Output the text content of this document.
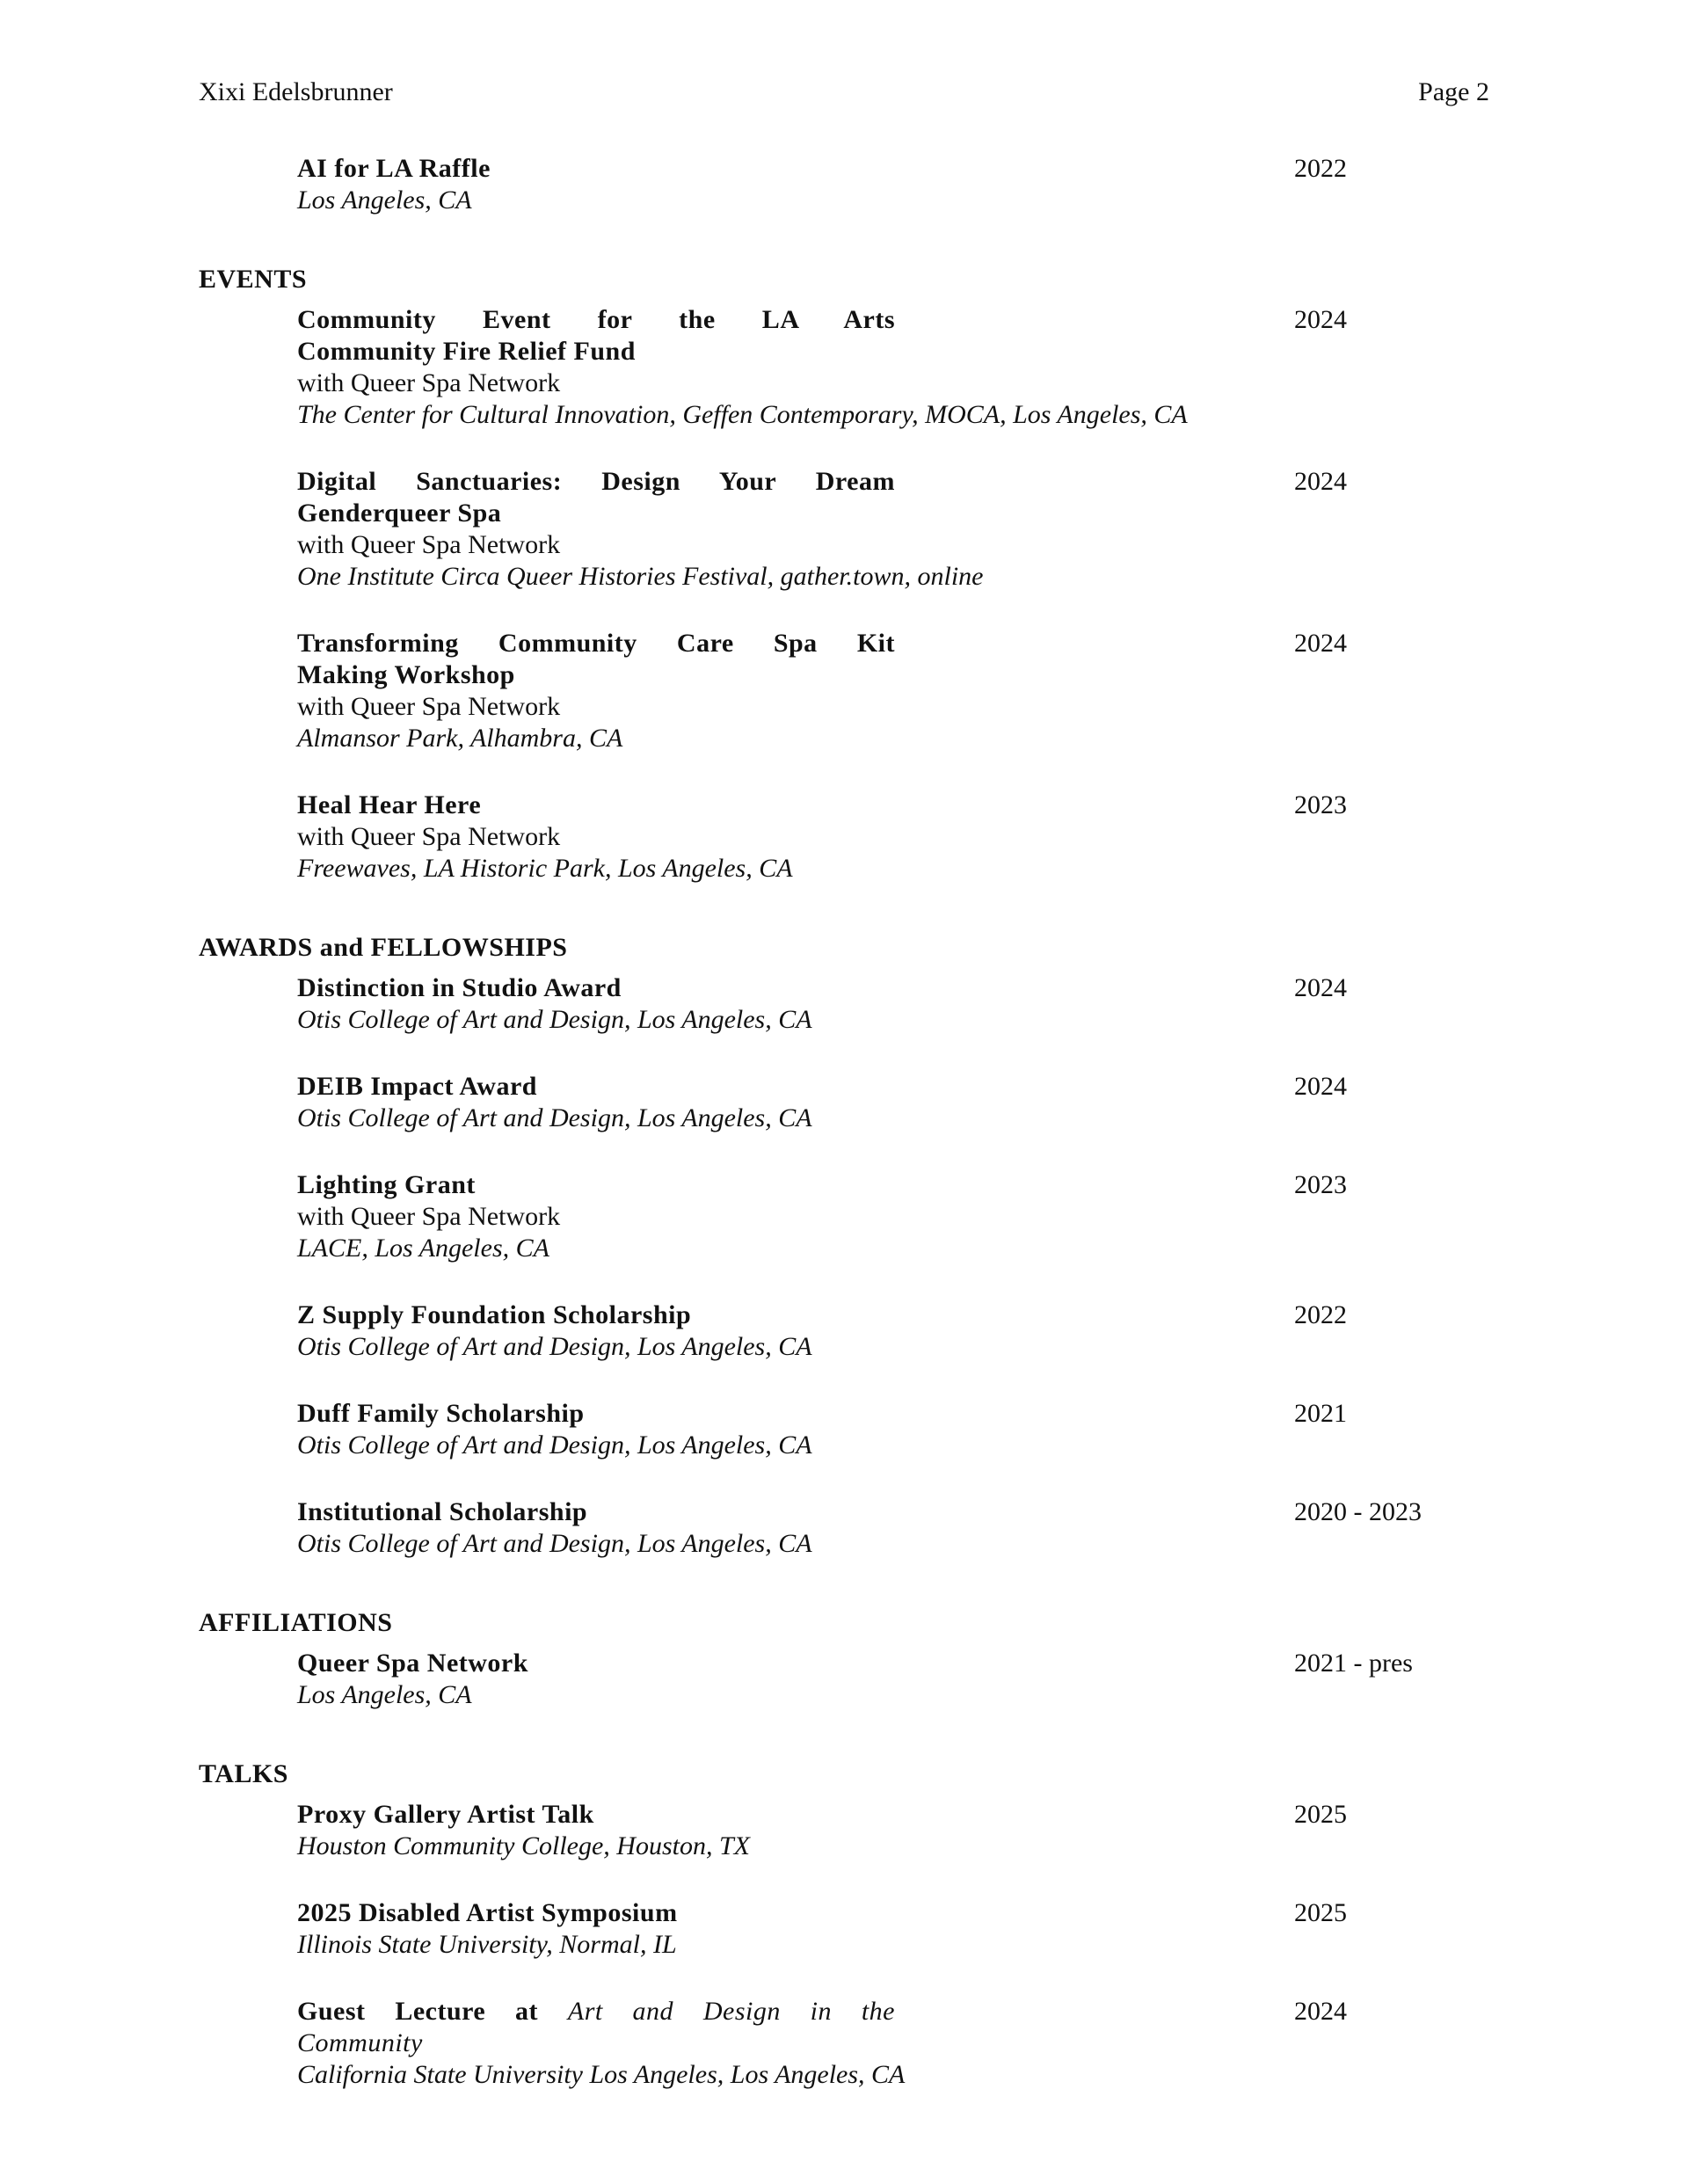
Xixi Edelsbrunner	Page 2
AI for LA Raffle
Los Angeles, CA
2022
EVENTS
Community Event for the LA Arts
Community Fire Relief Fund
with Queer Spa Network
The Center for Cultural Innovation, Geffen Contemporary, MOCA, Los Angeles, CA
2024
Digital Sanctuaries: Design Your Dream
Genderqueer Spa
with Queer Spa Network
One Institute Circa Queer Histories Festival, gather.town, online
2024
Transforming Community Care Spa Kit
Making Workshop
with Queer Spa Network
Almansor Park, Alhambra, CA
2024
Heal Hear Here
with Queer Spa Network
Freewaves, LA Historic Park, Los Angeles, CA
2023
AWARDS and FELLOWSHIPS
Distinction in Studio Award
Otis College of Art and Design, Los Angeles, CA
2024
DEIB Impact Award
Otis College of Art and Design, Los Angeles, CA
2024
Lighting Grant
with Queer Spa Network
LACE, Los Angeles, CA
2023
Z Supply Foundation Scholarship
Otis College of Art and Design, Los Angeles, CA
2022
Duff Family Scholarship
Otis College of Art and Design, Los Angeles, CA
2021
Institutional Scholarship
Otis College of Art and Design, Los Angeles, CA
2020 - 2023
AFFILIATIONS
Queer Spa Network
Los Angeles, CA
2021 - pres
TALKS
Proxy Gallery Artist Talk
Houston Community College, Houston, TX
2025
2025 Disabled Artist Symposium
Illinois State University, Normal, IL
2025
Guest Lecture at Art and Design in the
Community
California State University Los Angeles, Los Angeles, CA
2024
